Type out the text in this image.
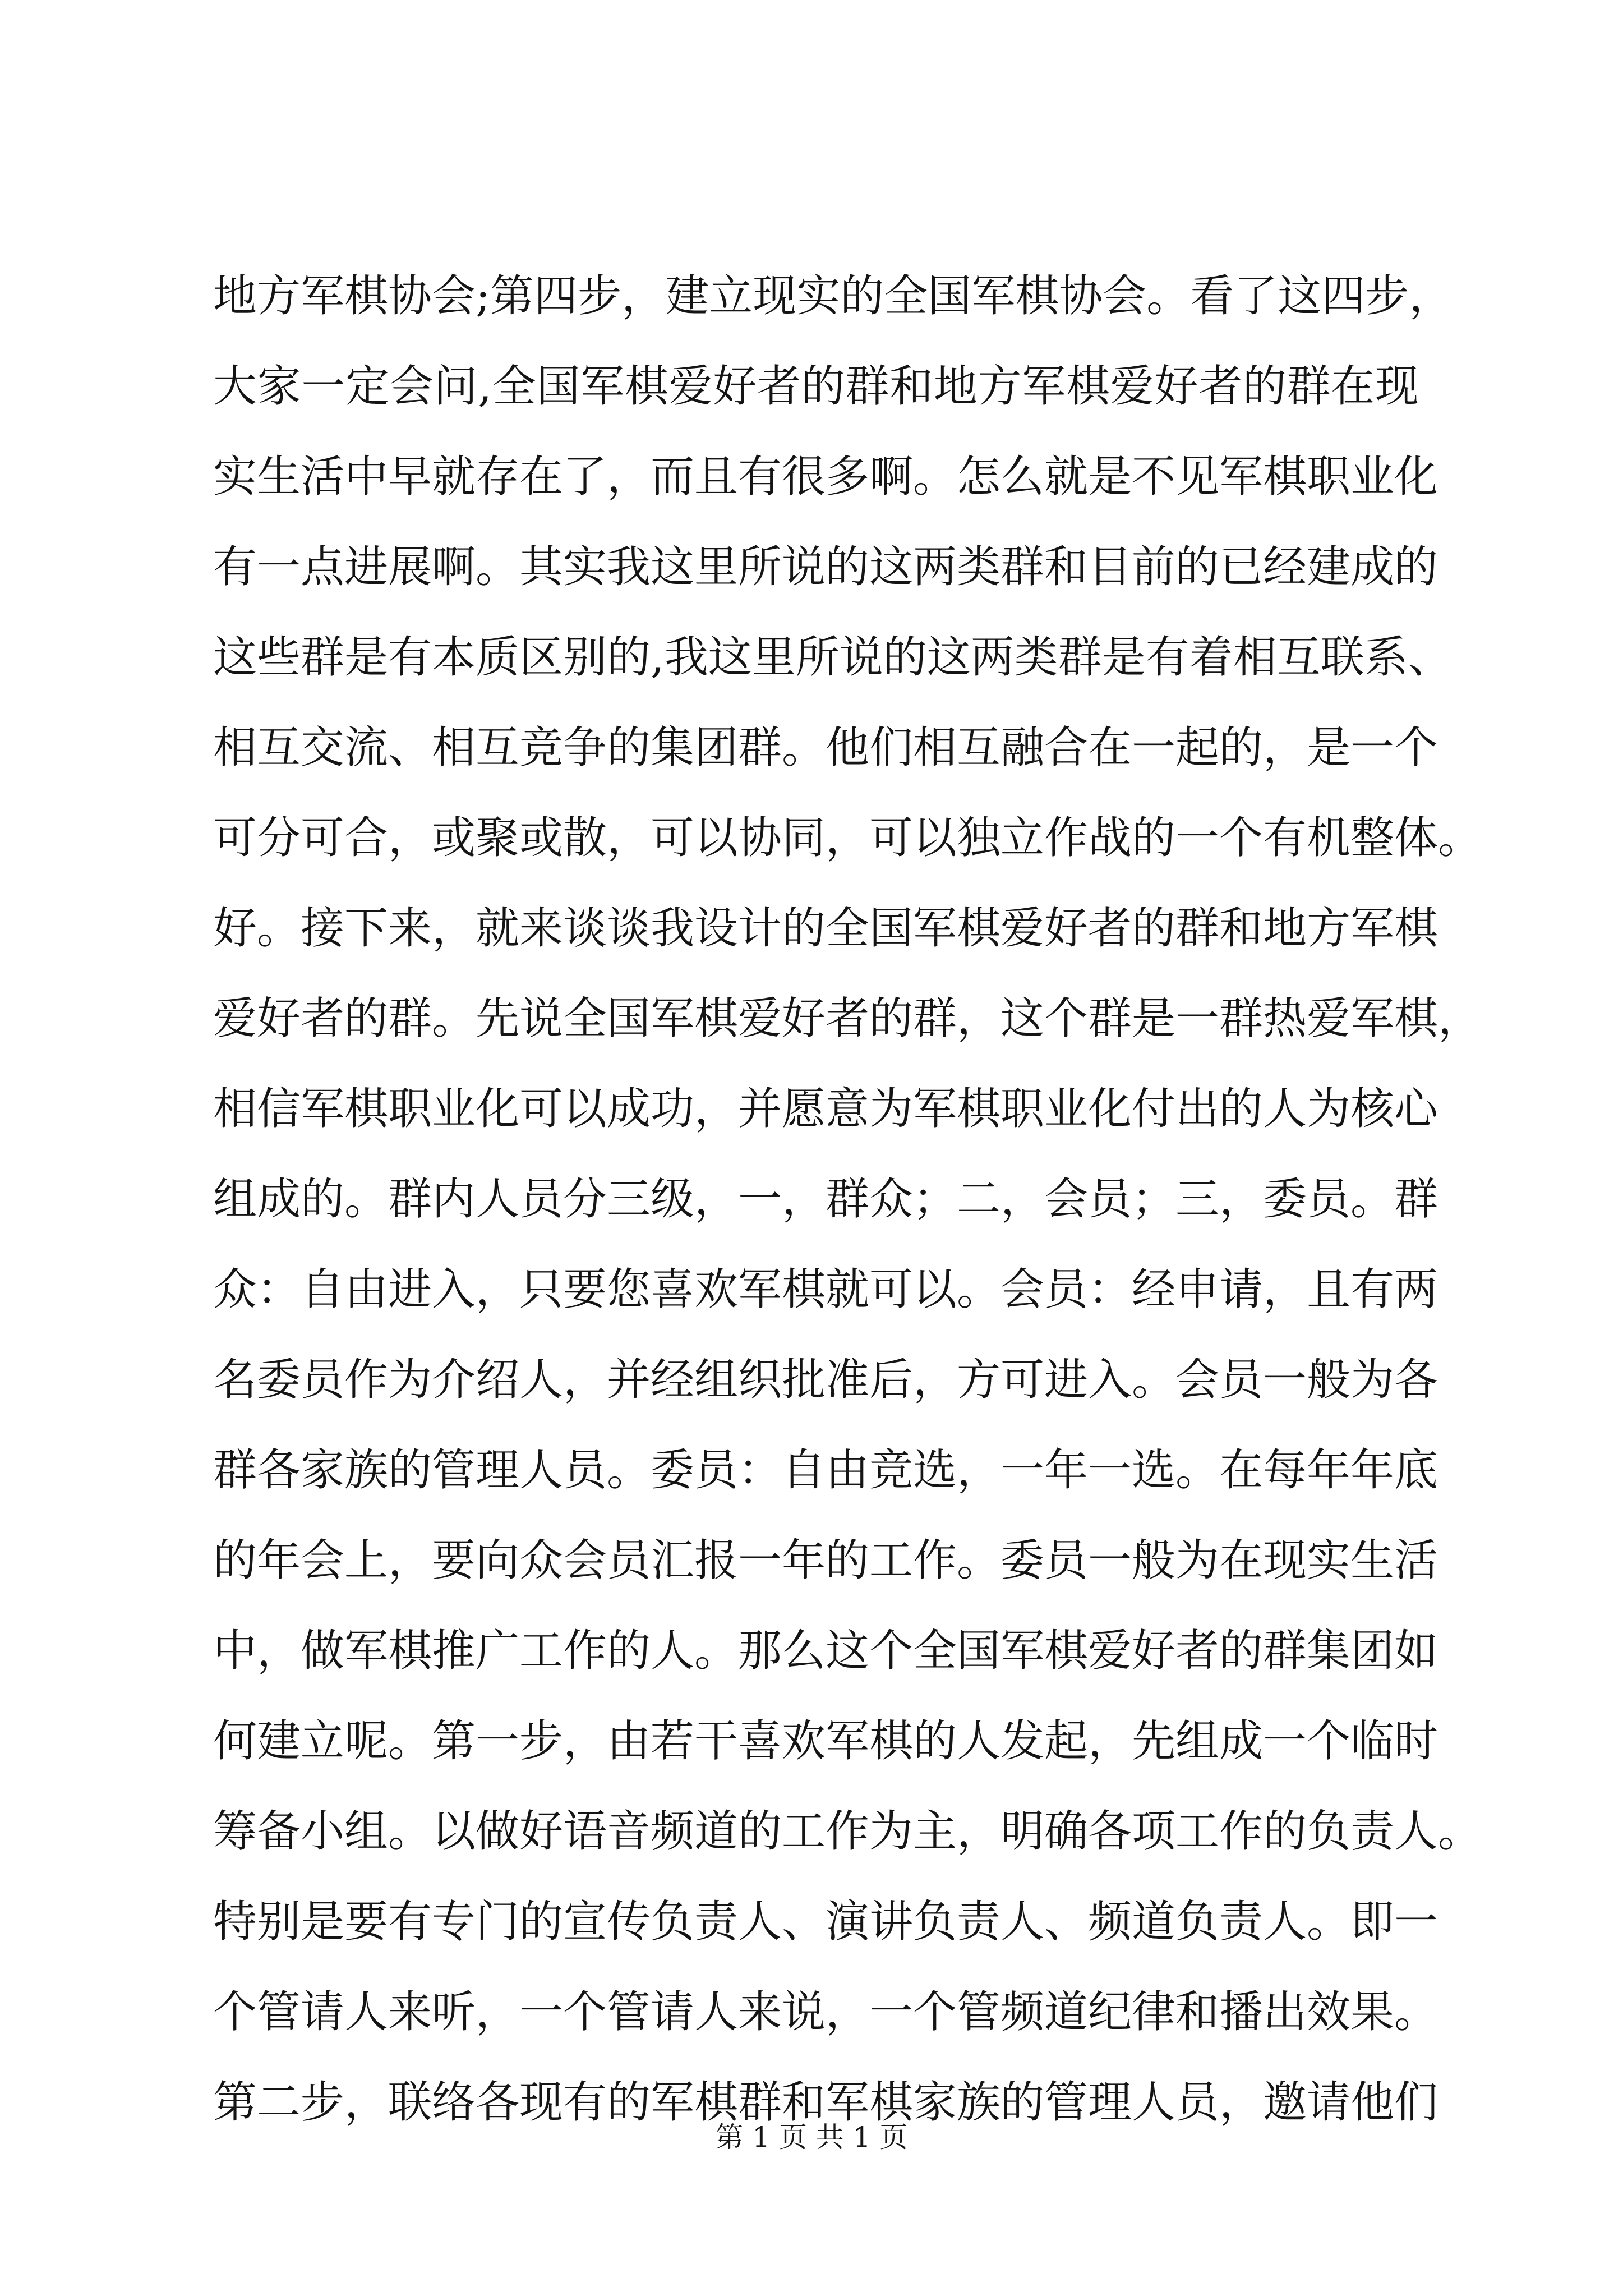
地方军棋协会;第四步，建立现实的全国军棋协会。看了这四步，
大家一定会问,全国军棋爱好者的群和地方军棋爱好者的群在现
实生活中早就存在了，而且有很多啊。怎么就是不见军棋职业化
有一点进展啊。其实我这里所说的这两类群和目前的已经建成的
这些群是有本质区别的,我这里所说的这两类群是有着相互联系、
相互交流、相互竞争的集团群。他们相互融合在一起的，是一个
可分可合，或聚或散，可以协同，可以独立作战的一个有机整体。
好。接下来，就来谈谈我设计的全国军棋爱好者的群和地方军棋
爱好者的群。先说全国军棋爱好者的群，这个群是一群热爱军棋，
相信军棋职业化可以成功，并愿意为军棋职业化付出的人为核心
组成的。群内人员分三级，一，群众；二，会员；三，委员。群
众：自由进入，只要您喜欢军棋就可以。会员：经申请，且有两
名委员作为介绍人，并经组织批准后，方可进入。会员一般为各
群各家族的管理人员。委员：自由竞选，一年一选。在每年年底
的年会上，要向众会员汇报一年的工作。委员一般为在现实生活
中，做军棋推广工作的人。那么这个全国军棋爱好者的群集团如
何建立呢。第一步，由若干喜欢军棋的人发起，先组成一个临时
筹备小组。以做好语音频道的工作为主，明确各项工作的负责人。
特别是要有专门的宣传负责人、演讲负责人、频道负责人。即一
个管请人来听，一个管请人来说，一个管频道纪律和播出效果。
第二步，联络各现有的军棋群和军棋家族的管理人员，邀请他们
第 1 页 共 1 页
